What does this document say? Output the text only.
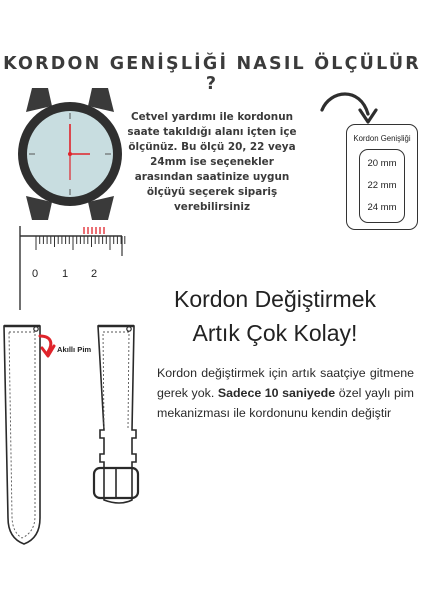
KORDON GENİŞLİĞİ NASIL ÖLÇÜLÜR ?
0 1 2
Cetvel yardımı ile kordonun saate takıldığı alanı içten içe ölçünüz. Bu ölçü 20, 22 veya 24mm ise seçenekler arasından saatinize uygun ölçüyü seçerek sipariş verebilirsiniz
Kordon Genişliği
20 mm
22 mm
24 mm
Akıllı Pim
Kordon Değiştirmek
Artık Çok Kolay!
Kordon değiştirmek için artık saatçiye gitmene gerek yok. Sadece 10 saniyede özel yaylı pim mekanizması ile kordonunu kendin değiştir
